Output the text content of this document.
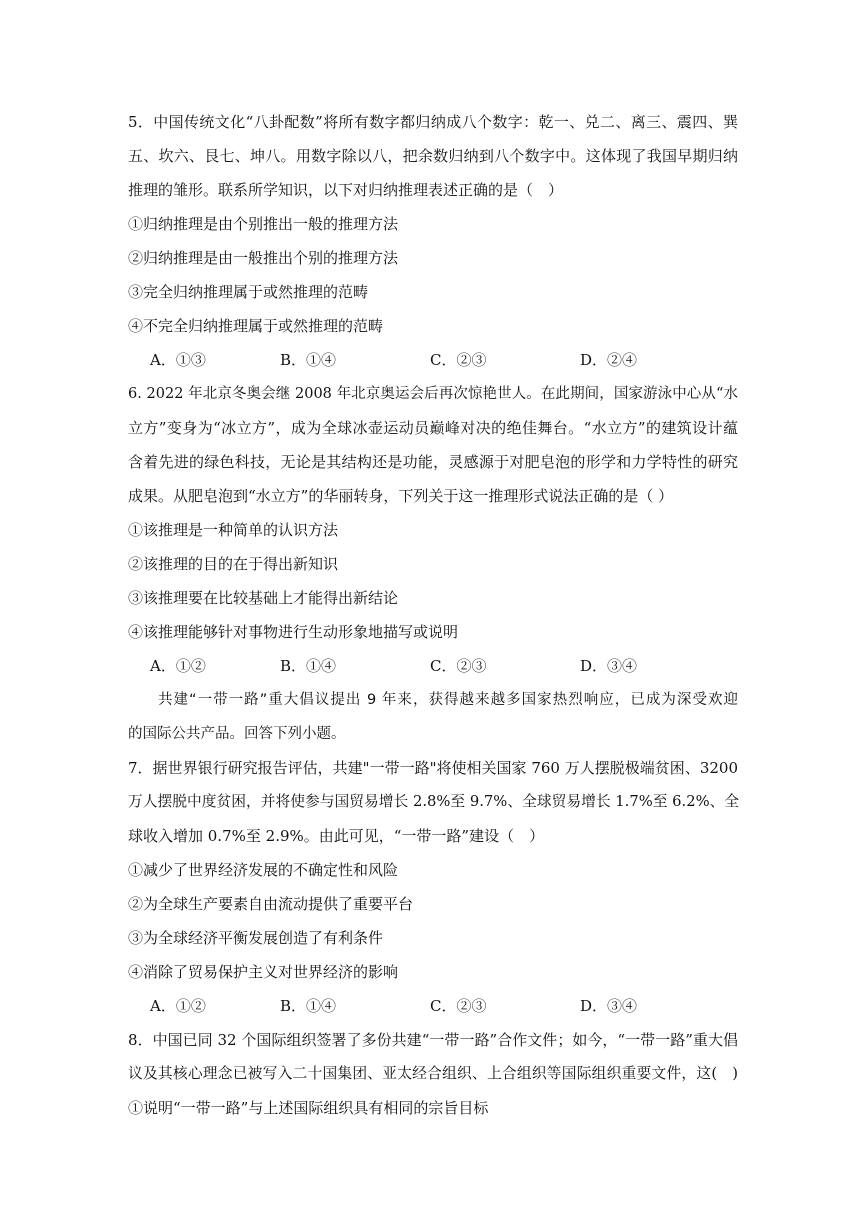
5．中国传统文化“八卦配数”将所有数字都归纳成八个数字：乾一、兑二、离三、震四、巽
五、坎六、艮七、坤八。用数字除以八，把余数归纳到八个数字中。这体现了我国早期归纳
推理的雏形。联系所学知识，以下对归纳推理表述正确的是（　）
①归纳推理是由个别推出一般的推理方法
②归纳推理是由一般推出个别的推理方法
③完全归纳推理属于或然推理的范畴
④不完全归纳推理属于或然推理的范畴
A．①③	B．①④	C．②③	D．②④
6. 2022 年北京冬奥会继 2008 年北京奥运会后再次惊艳世人。在此期间，国家游泳中心从“水
立方”变身为“冰立方”，成为全球冰壶运动员巅峰对决的绝佳舞台。“水立方”的建筑设计蕴
含着先进的绿色科技，无论是其结构还是功能，灵感源于对肥皂泡的形学和力学特性的研究
成果。从肥皂泡到“水立方”的华丽转身，下列关于这一推理形式说法正确的是（ ）
①该推理是一种简单的认识方法
②该推理的目的在于得出新知识
③该推理要在比较基础上才能得出新结论
④该推理能够针对事物进行生动形象地描写或说明
A．①②	B．①④	C．②③	D．③④
共建“一带一路”重大倡议提出 9 年来，获得越来越多国家热烈响应，已成为深受欢迎
的国际公共产品。回答下列小题。
7．据世界银行研究报告评估，共建"一带一路"将使相关国家 760 万人摆脱极端贫困、3200
万人摆脱中度贫困，并将使参与国贸易增长 2.8%至 9.7%、全球贸易增长 1.7%至 6.2%、全
球收入增加 0.7%至 2.9%。由此可见，“一带一路”建设（　）
①减少了世界经济发展的不确定性和风险
②为全球生产要素自由流动提供了重要平台
③为全球经济平衡发展创造了有利条件
④消除了贸易保护主义对世界经济的影响
A．①②	B．①④	C．②③	D．③④
8．中国已同 32 个国际组织签署了多份共建“一带一路”合作文件；如今，“一带一路”重大倡
议及其核心理念已被写入二十国集团、亚太经合组织、上合组织等国际组织重要文件，这(　)
①说明“一带一路”与上述国际组织具有相同的宗旨目标
